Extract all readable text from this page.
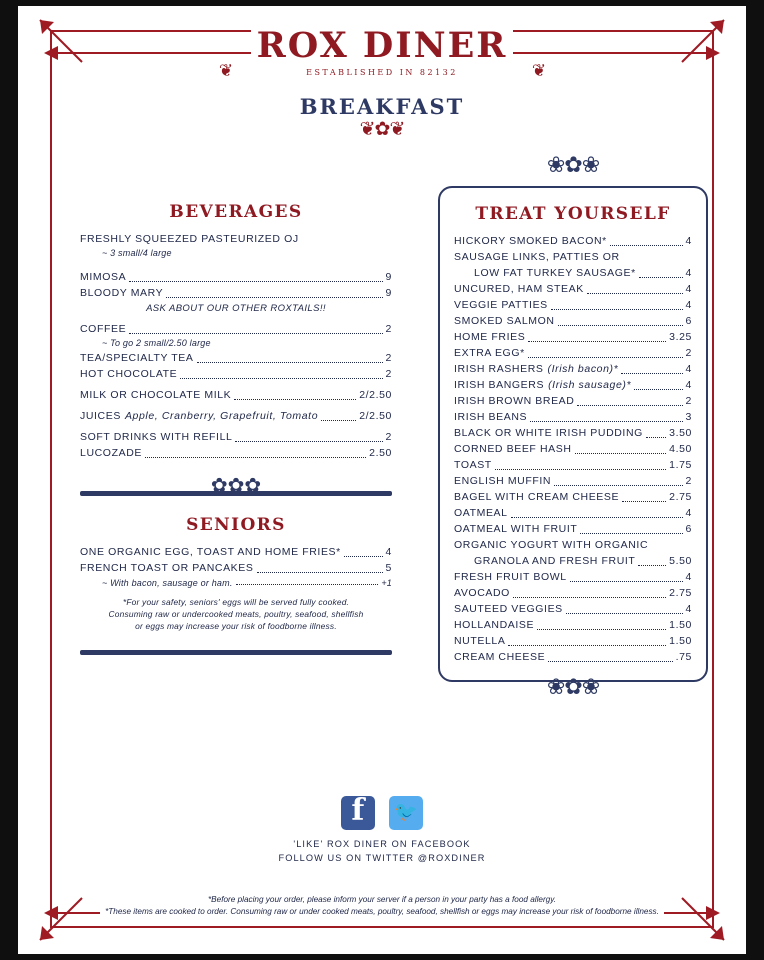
❦ ROX DINER
ESTABLISHED IN 82132	❦
BREAKFAST
❦✿❦
BEVERAGES
FRESHLY SQUEEZED PASTEURIZED OJ
~ 3 small/4 large
MIMOSA	9
BLOODY MARY	9
ASK ABOUT OUR OTHER ROXTAILS!!
COFFEE	2
~ To go 2 small/2.50 large
TEA/SPECIALTY TEA	2
HOT CHOCOLATE	2
MILK OR CHOCOLATE MILK	2/2.50
JUICES Apple, Cranberry, Grapefruit, Tomato	2/2.50
SOFT DRINKS WITH REFILL	2
LUCOZADE	2.50
✿✿✿
SENIORS
ONE ORGANIC EGG, TOAST AND HOME FRIES*	4
FRENCH TOAST OR PANCAKES	5
~ With bacon, sausage or ham.	+1
*For your safety, seniors' eggs will be served fully cooked.
Consuming raw or undercooked meats, poultry, seafood, shellfish
or eggs may increase your risk of foodborne illness.
❀✿❀
TREAT YOURSELF
HICKORY SMOKED BACON*	4
SAUSAGE LINKS, PATTIES OR
LOW FAT TURKEY SAUSAGE*	4
UNCURED, HAM STEAK	4
VEGGIE PATTIES	4
SMOKED SALMON	6
HOME FRIES	3.25
EXTRA EGG*	2
IRISH RASHERS (Irish bacon)*	4
IRISH BANGERS (Irish sausage)*	4
IRISH BROWN BREAD	2
IRISH BEANS	3
BLACK OR WHITE IRISH PUDDING	3.50
CORNED BEEF HASH	4.50
TOAST	1.75
ENGLISH MUFFIN	2
BAGEL WITH CREAM CHEESE	2.75
OATMEAL	4
OATMEAL WITH FRUIT	6
ORGANIC YOGURT WITH ORGANIC
GRANOLA AND FRESH FRUIT	5.50
FRESH FRUIT BOWL	4
AVOCADO	2.75
SAUTEED VEGGIES	4
HOLLANDAISE	1.50
NUTELLA	1.50
CREAM CHEESE	.75
❀✿❀
f 🐦
'LIKE' ROX DINER ON FACEBOOK
FOLLOW US ON TWITTER @ROXDINER
*Before placing your order, please inform your server if a person in your party has a food allergy.
*These items are cooked to order. Consuming raw or under cooked meats, poultry, seafood, shellfish or eggs may increase your risk of foodborne illness.
